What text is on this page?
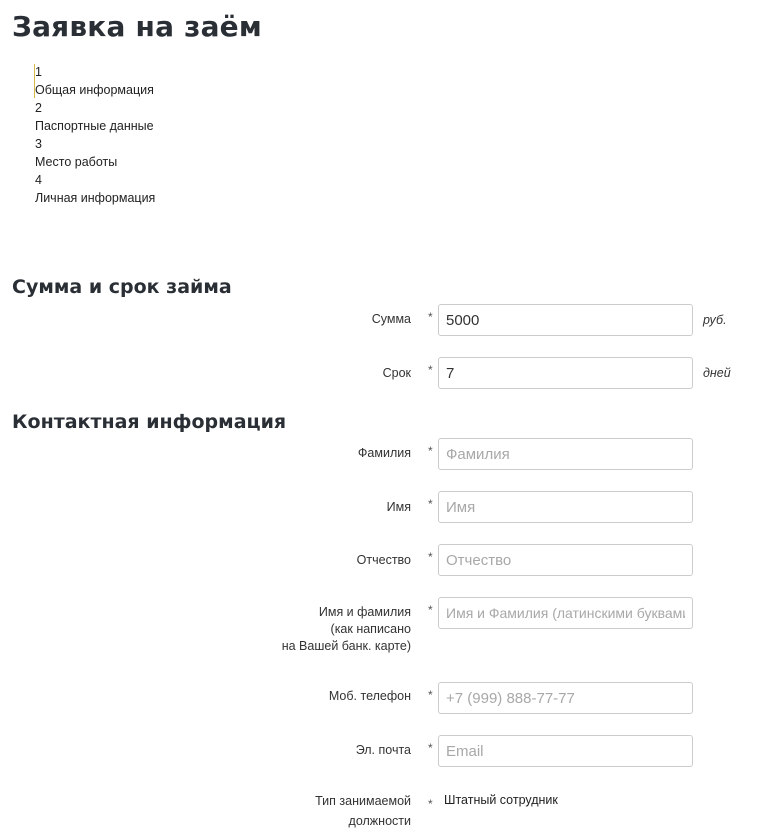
Заявка на заём
1
Общая информация
2
Паспортные данные
3
Место работы
4
Личная информация
Сумма и срок займа
Сумма *
5000	руб.
Срок *
7	дней
Контактная информация
Фамилия *
Фамилия
Имя *
Имя
Отчество *
Отчество
Имя и фамилия
(как написано
на Вашей банк. карте)
*
Имя и Фамилия (латинскими буквами)
Моб. телефон *
+7 (999) 888-77-77
Эл. почта *
Email
Тип занимаемой
должности
* Штатный сотрудник
